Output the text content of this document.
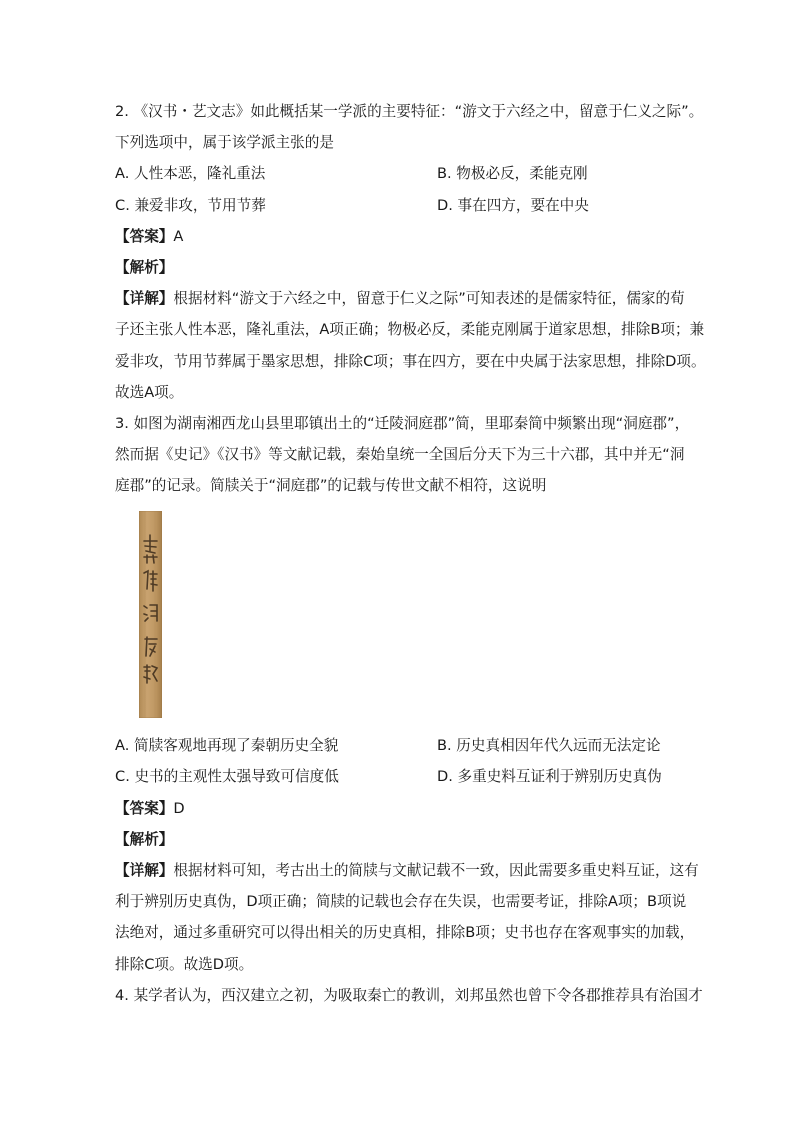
2. 《汉书・艺文志》如此概括某一学派的主要特征：“游文于六经之中，留意于仁义之际”。
下列选项中，属于该学派主张的是
A. 人性本恶，隆礼重法	B. 物极必反，柔能克刚
C. 兼爱非攻，节用节葬	D. 事在四方，要在中央
【答案】A
【解析】
【详解】根据材料“游文于六经之中，留意于仁义之际”可知表述的是儒家特征，儒家的荀
子还主张人性本恶，隆礼重法，A项正确；物极必反，柔能克刚属于道家思想，排除B项；兼
爱非攻，节用节葬属于墨家思想，排除C项；事在四方，要在中央属于法家思想，排除D项。
故选A项。
3. 如图为湖南湘西龙山县里耶镇出土的“迁陵洞庭郡”简，里耶秦简中频繁出现“洞庭郡”，
然而据《史记》《汉书》等文献记载，秦始皇统一全国后分天下为三十六郡，其中并无“洞
庭郡”的记录。简牍关于“洞庭郡”的记载与传世文献不相符，这说明
A. 简牍客观地再现了秦朝历史全貌	B. 历史真相因年代久远而无法定论
C. 史书的主观性太强导致可信度低	D. 多重史料互证利于辨别历史真伪
【答案】D
【解析】
【详解】根据材料可知，考古出土的简牍与文献记载不一致，因此需要多重史料互证，这有
利于辨别历史真伪，D项正确；简牍的记载也会存在失误，也需要考证，排除A项；B项说
法绝对，通过多重研究可以得出相关的历史真相，排除B项；史书也存在客观事实的加载，
排除C项。故选D项。
4. 某学者认为，西汉建立之初，为吸取秦亡的教训，刘邦虽然也曾下令各郡推荐具有治国才
